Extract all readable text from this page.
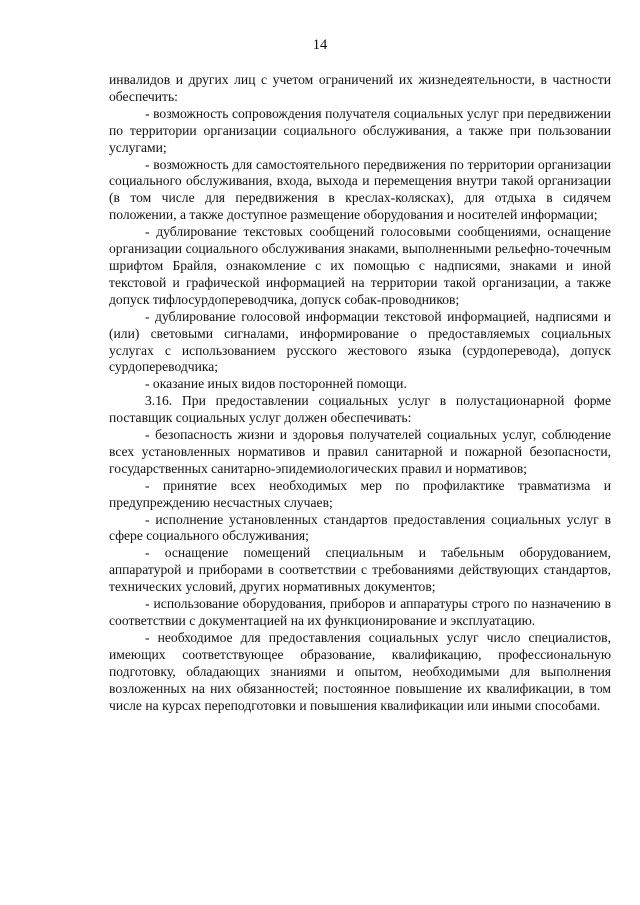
14

инвалидов и других лиц с учетом ограничений их жизнедеятельности, в частности обеспечить:

- возможность сопровождения получателя социальных услуг при передвижении по территории организации социального обслуживания, а также при пользовании услугами;

- возможность для самостоятельного передвижения по территории организации социального обслуживания, входа, выхода и перемещения внутри такой организации (в том числе для передвижения в креслах-колясках), для отдыха в сидячем положении, а также доступное размещение оборудования и носителей информации;

- дублирование текстовых сообщений голосовыми сообщениями, оснащение организации социального обслуживания знаками, выполненными рельефно-точечным шрифтом Брайля, ознакомление с их помощью с надписями, знаками и иной текстовой и графической информацией на территории такой организации, а также допуск тифлосурдопереводчика, допуск собак-проводников;

- дублирование голосовой информации текстовой информацией, надписями и (или) световыми сигналами, информирование о предоставляемых социальных услугах с использованием русского жестового языка (сурдоперевода), допуск сурдопереводчика;

- оказание иных видов посторонней помощи.

3.16. При предоставлении социальных услуг в полустационарной форме поставщик социальных услуг должен обеспечивать:

- безопасность жизни и здоровья получателей социальных услуг, соблюдение всех установленных нормативов и правил санитарной и пожарной безопасности, государственных санитарно-эпидемиологических правил и нормативов;

- принятие всех необходимых мер по профилактике травматизма и предупреждению несчастных случаев;

- исполнение установленных стандартов предоставления социальных услуг в сфере социального обслуживания;

- оснащение помещений специальным и табельным оборудованием, аппаратурой и приборами в соответствии с требованиями действующих стандартов, технических условий, других нормативных документов;

- использование оборудования, приборов и аппаратуры строго по назначению в соответствии с документацией на их функционирование и эксплуатацию.

- необходимое для предоставления социальных услуг число специалистов, имеющих соответствующее образование, квалификацию, профессиональную подготовку, обладающих знаниями и опытом, необходимыми для выполнения возложенных на них обязанностей; постоянное повышение их квалификации, в том числе на курсах переподготовки и повышения квалификации или иными способами.
